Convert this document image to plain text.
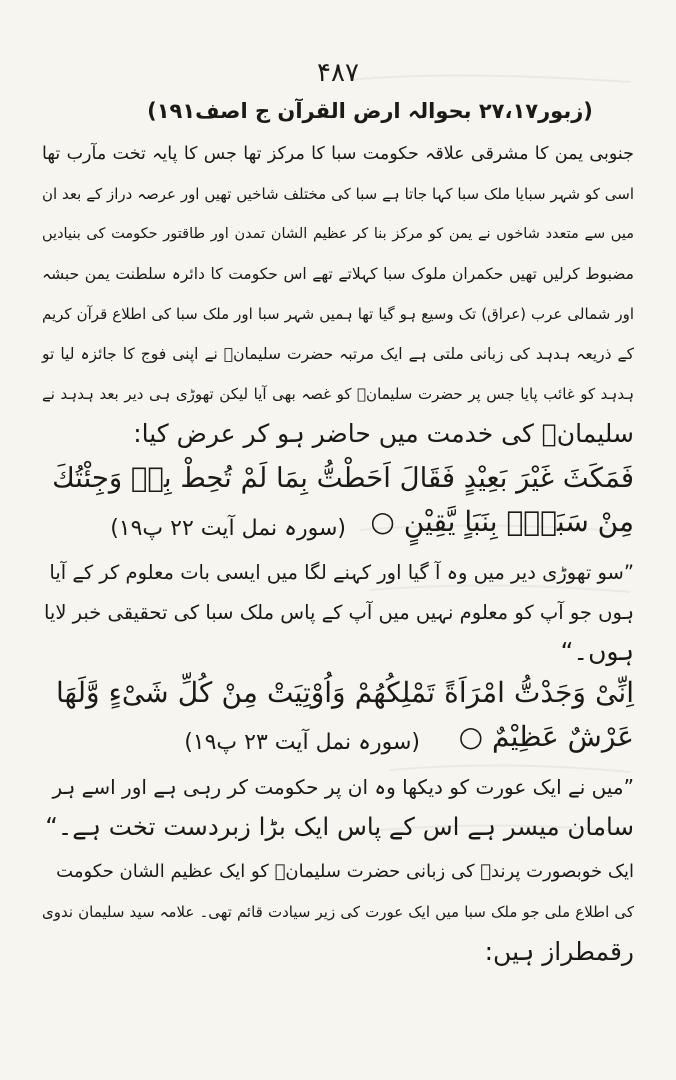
۴۸۷
(زبور۲۷،۱۷ بحوالہ ارض القرآن ج اصف۱۹۱)
جنوبی یمن کا مشرقی علاقہ حکومت سبا کا مرکز تھا جس کا پایہ تخت مآرب تھا
اسی کو شہر سبایا ملک سبا کہا جاتا ہے سبا کی مختلف شاخیں تھیں اور عرصہ دراز کے بعد ان
میں سے متعدد شاخوں نے یمن کو مرکز بنا کر عظیم الشان تمدن اور طاقتور حکومت کی بنیادیں
مضبوط کرلیں تھیں حکمران ملوک سبا کہلاتے تھے اس حکومت کا دائرہ سلطنت یمن حبشہ
اور شمالی عرب (عراق) تک وسیع ہو گیا تھا ہمیں شہر سبا اور ملک سبا کی اطلاع قرآن کریم
کے ذریعہ ہدہد کی زبانی ملتی ہے ایک مرتبہ حضرت سلیمانؑ نے اپنی فوج کا جائزہ لیا تو
ہدہد کو غائب پایا جس پر حضرت سلیمانؑ کو غصہ بھی آیا لیکن تھوڑی ہی دیر بعد ہدہد نے
سلیمانؑ کی خدمت میں حاضر ہو کر عرض کیا:
فَمَكَثَ غَيْرَ بَعِيْدٍ فَقَالَ اَحَطْتُّ بِمَا لَمْ تُحِطْ بِهٖ وَجِئْتُكَ
مِنْ سَبَاٍۢ بِنَبَاٍ يَّقِيْنٍ ○
(سورہ نمل آیت ۲۲ پ۱۹)
”سو تھوڑی دیر میں وہ آ گیا اور کہنے لگا میں ایسی بات معلوم کر کے آیا
ہوں جو آپ کو معلوم نہیں میں آپ کے پاس ملک سبا کی تحقیقی خبر لایا
ہوں۔“
اِنِّىْ وَجَدْتُّ امْرَاَةً تَمْلِكُهُمْ وَاُوْتِيَتْ مِنْ كُلِّ شَىْءٍ وَّلَهَا
عَرْشٌ عَظِيْمٌ ○
(سورہ نمل آیت ۲۳ پ۱۹)
”میں نے ایک عورت کو دیکھا وہ ان پر حکومت کر رہی ہے اور اسے ہر
سامان میسر ہے اس کے پاس ایک بڑا زبردست تخت ہے۔“
ایک خوبصورت پرندے کی زبانی حضرت سلیمانؑ کو ایک عظیم الشان حکومت
کی اطلاع ملی جو ملک سبا میں ایک عورت کی زیر سیادت قائم تھی۔ علامہ سید سلیمان ندوی
رقمطراز ہیں:
